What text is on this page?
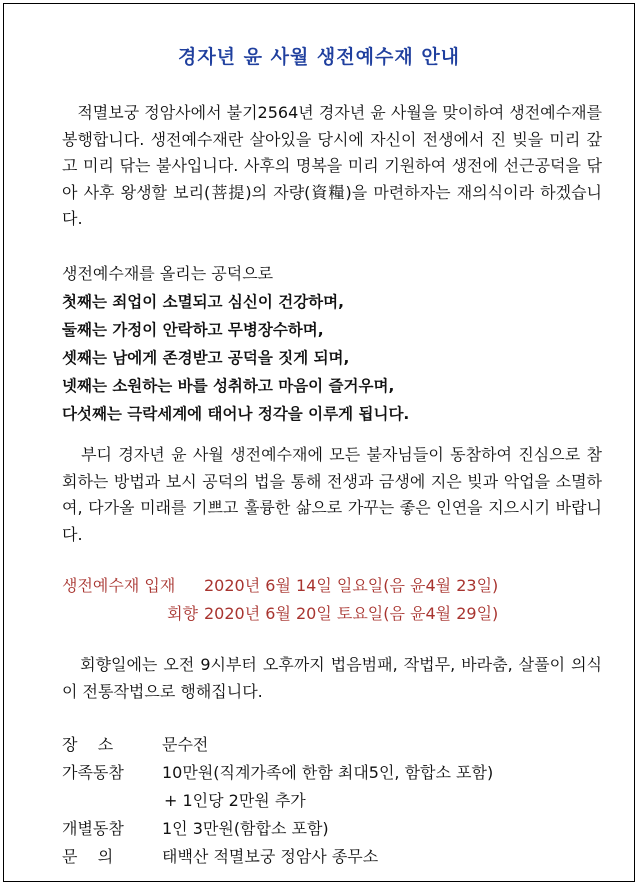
경자년 윤 사월 생전예수재 안내

적멸보궁 정암사에서 불기2564년 경자년 윤 사월을 맞이하여 생전예수재를 봉행합니다. 생전예수재란 살아있을 당시에 자신이 전생에서 진 빚을 미리 갚고 미리 닦는 불사입니다. 사후의 명복을 미리 기원하여 생전에 선근공덕을 닦아 사후 왕생할 보리(菩提)의 자량(資糧)을 마련하자는 재의식이라 하겠습니다.

생전예수재를 올리는 공덕으로

첫째는 죄업이 소멸되고 심신이 건강하며,
둘째는 가정이 안락하고 무병장수하며,
셋째는 남에게 존경받고 공덕을 짓게 되며,
넷째는 소원하는 바를 성취하고 마음이 즐거우며,
다섯째는 극락세계에 태어나 정각을 이루게 됩니다.

부디 경자년 윤 사월 생전예수재에 모든 불자님들이 동참하여 진심으로 참회하는 방법과 보시 공덕의 법을 통해 전생과 금생에 지은 빚과 악업을 소멸하여, 다가올 미래를 기쁘고 훌륭한 삶으로 가꾸는 좋은 인연을 지으시기 바랍니다.

생전예수재 입재 2020년 6월 14일 일요일(음 윤4월 23일)
회향 2020년 6월 20일 토요일(음 윤4월 29일)

회향일에는 오전 9시부터 오후까지 법음범패, 작법무, 바라춤, 살풀이 의식이 전통작법으로 행해집니다.

장    소	문수전
가족동참	10만원(직계가족에 한함 최대5인, 함합소 포함)
+ 1인당 2만원 추가
개별동참	1인 3만원(함합소 포함)
문    의	태백산 적멸보궁 정암사 종무소
